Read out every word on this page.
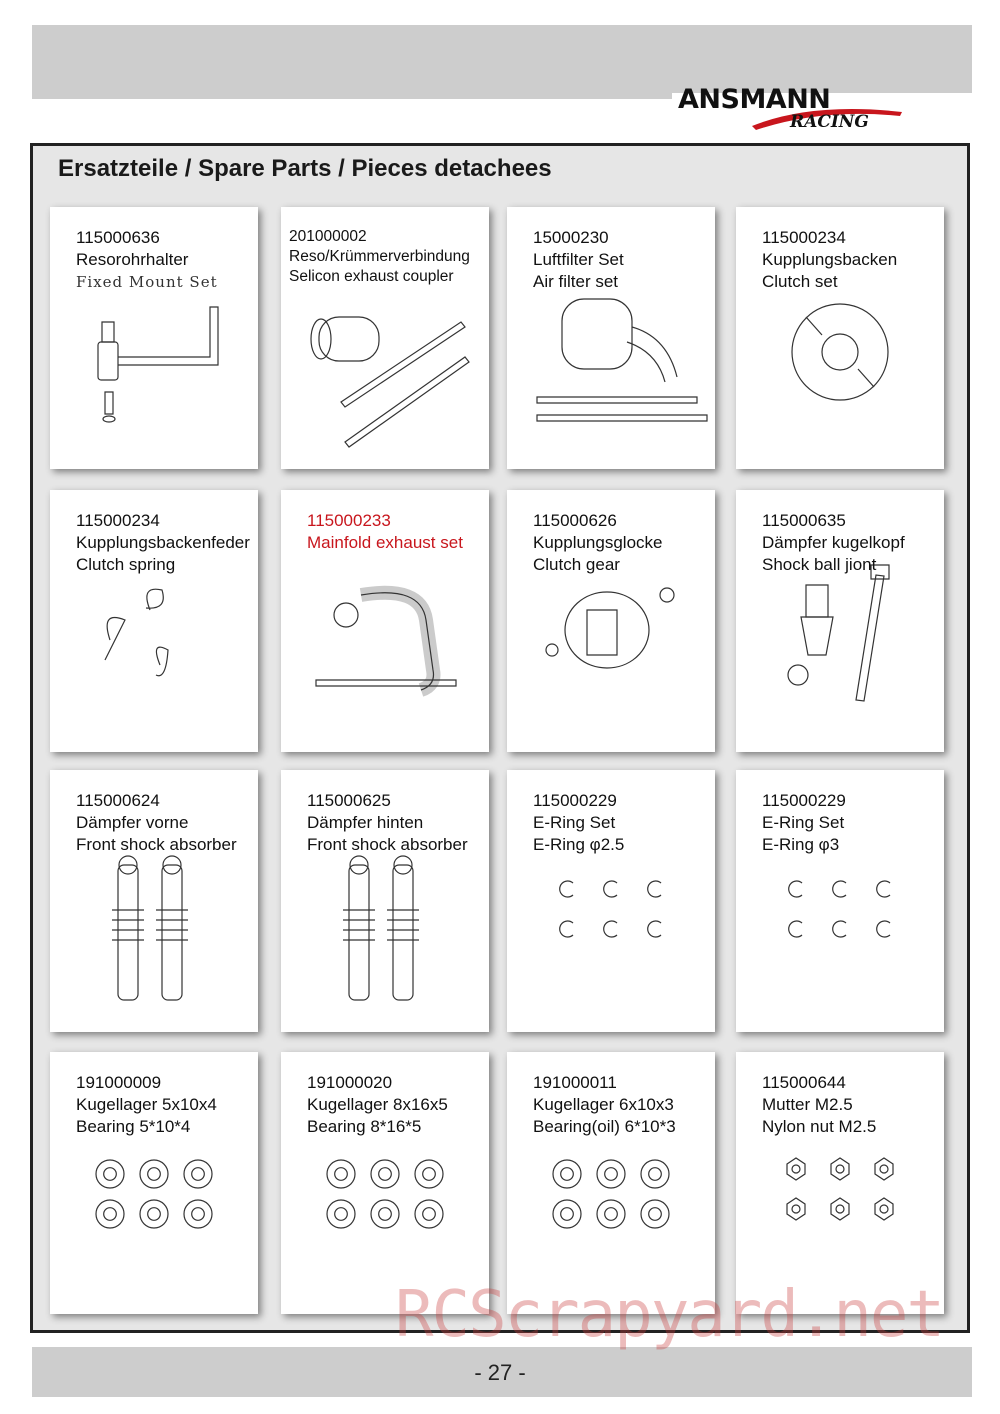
ANSMANN
RACING
Ersatzteile / Spare Parts / Pieces detachees
115000636
Resorohrhalter
Fixed Mount Set
201000002
Reso/Krümmerverbindung
Selicon exhaust coupler
15000230
Luftfilter Set
Air filter set
115000234
Kupplungsbacken
Clutch set
115000234
Kupplungsbackenfeder
Clutch spring
115000233
Mainfold exhaust set
115000626
Kupplungsglocke
Clutch gear
115000635
Dämpfer kugelkopf
Shock ball jiont
115000624
Dämpfer vorne
Front shock absorber
115000625
Dämpfer hinten
Front shock absorber
115000229
E-Ring Set
E-Ring φ2.5
115000229
E-Ring Set
E-Ring φ3
191000009
Kugellager 5x10x4
Bearing 5*10*4
191000020
Kugellager 8x16x5
Bearing 8*16*5
191000011
Kugellager 6x10x3
Bearing(oil) 6*10*3
115000644
Mutter M2.5
Nylon nut M2.5
- 27 -
RCScrapyard.net
